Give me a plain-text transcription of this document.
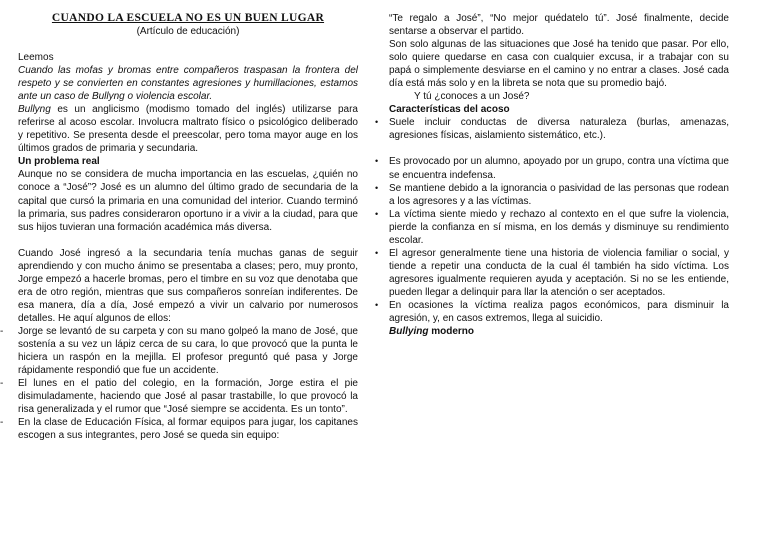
CUANDO LA ESCUELA NO ES UN BUEN LUGAR
(Artículo de educación)

Leemos

Cuando las mofas y bromas entre compañeros traspasan la frontera del respeto y se convierten en constantes agresiones y humillaciones, estamos ante un caso de Bullyng o violencia escolar.

Bullyng es un anglicismo (modismo tomado del inglés) utilizarse para referirse al acoso escolar. Involucra maltrato físico o psicológico deliberado y repetitivo. Se presenta desde el preescolar, pero toma mayor auge en los últimos grados de primaria y secundaria.

Un problema real

Aunque no se considera de mucha importancia en las escuelas, ¿quién no conoce a “José”? José es un alumno del último grado de secundaria de la capital que cursó la primaria en una comunidad del interior. Cuando terminó la primaria, sus padres consideraron oportuno ir a vivir a la ciudad, para que sus hijos tuvieran una formación académica más diversa.

Cuando José ingresó a la secundaria tenía muchas ganas de seguir aprendiendo y con mucho ánimo se presentaba a clases; pero, muy pronto, Jorge empezó a hacerle bromas, pero el timbre en su voz que denotaba que era de otro región, mientras que sus compañeros sonreían indiferentes. De esa manera, día a día, José empezó a vivir un calvario por numerosos detalles. He aquí algunos de ellos:

- Jorge se levantó de su carpeta y con su mano golpeó la mano de José, que sostenía a su vez un lápiz cerca de su cara, lo que provocó que la punta le hiciera un raspón en la mejilla. El profesor preguntó qué pasa y Jorge rápidamente respondió que fue un accidente.

- El lunes en el patio del colegio, en la formación, Jorge estira el pie disimuladamente, haciendo que José al pasar trastabille, lo que provocó la risa generalizada y el rumor que “José siempre se accidenta. Es un tonto”.

- En la clase de Educación Física, al formar equipos para jugar, los capitanes escogen a sus integrantes, pero José se queda sin equipo:

“Te regalo a José”, “No mejor quédatelo tú”. José finalmente, decide sentarse a observar el partido.

Son solo algunas de las situaciones que José ha tenido que pasar. Por ello, solo quiere quedarse en casa con cualquier excusa, ir a trabajar con su papá o simplemente desviarse en el camino y no entrar a clases. José cada día está más solo y en la libreta se nota que su promedio bajó.

Y tú ¿conoces a un José?

Características del acoso

• Suele incluir conductas de diversa naturaleza (burlas, amenazas, agresiones físicas, aislamiento sistemático, etc.).

• Es provocado por un alumno, apoyado por un grupo, contra una víctima que se encuentra indefensa.

• Se mantiene debido a la ignorancia o pasividad de las personas que rodean a los agresores y a las víctimas.

• La víctima siente miedo y rechazo al contexto en el que sufre la violencia, pierde la confianza en sí misma, en los demás y disminuye su rendimiento escolar.

• El agresor generalmente tiene una historia de violencia familiar o social, y tiende a repetir una conducta de la cual él también ha sido víctima. Los agresores igualmente requieren ayuda y aceptación. Si no se les entiende, pueden llegar a delinquir para llar la atención o ser aceptados.

• En ocasiones la víctima realiza pagos económicos, para disminuir la agresión, y, en casos extremos, llega al suicidio.

Bullying moderno
